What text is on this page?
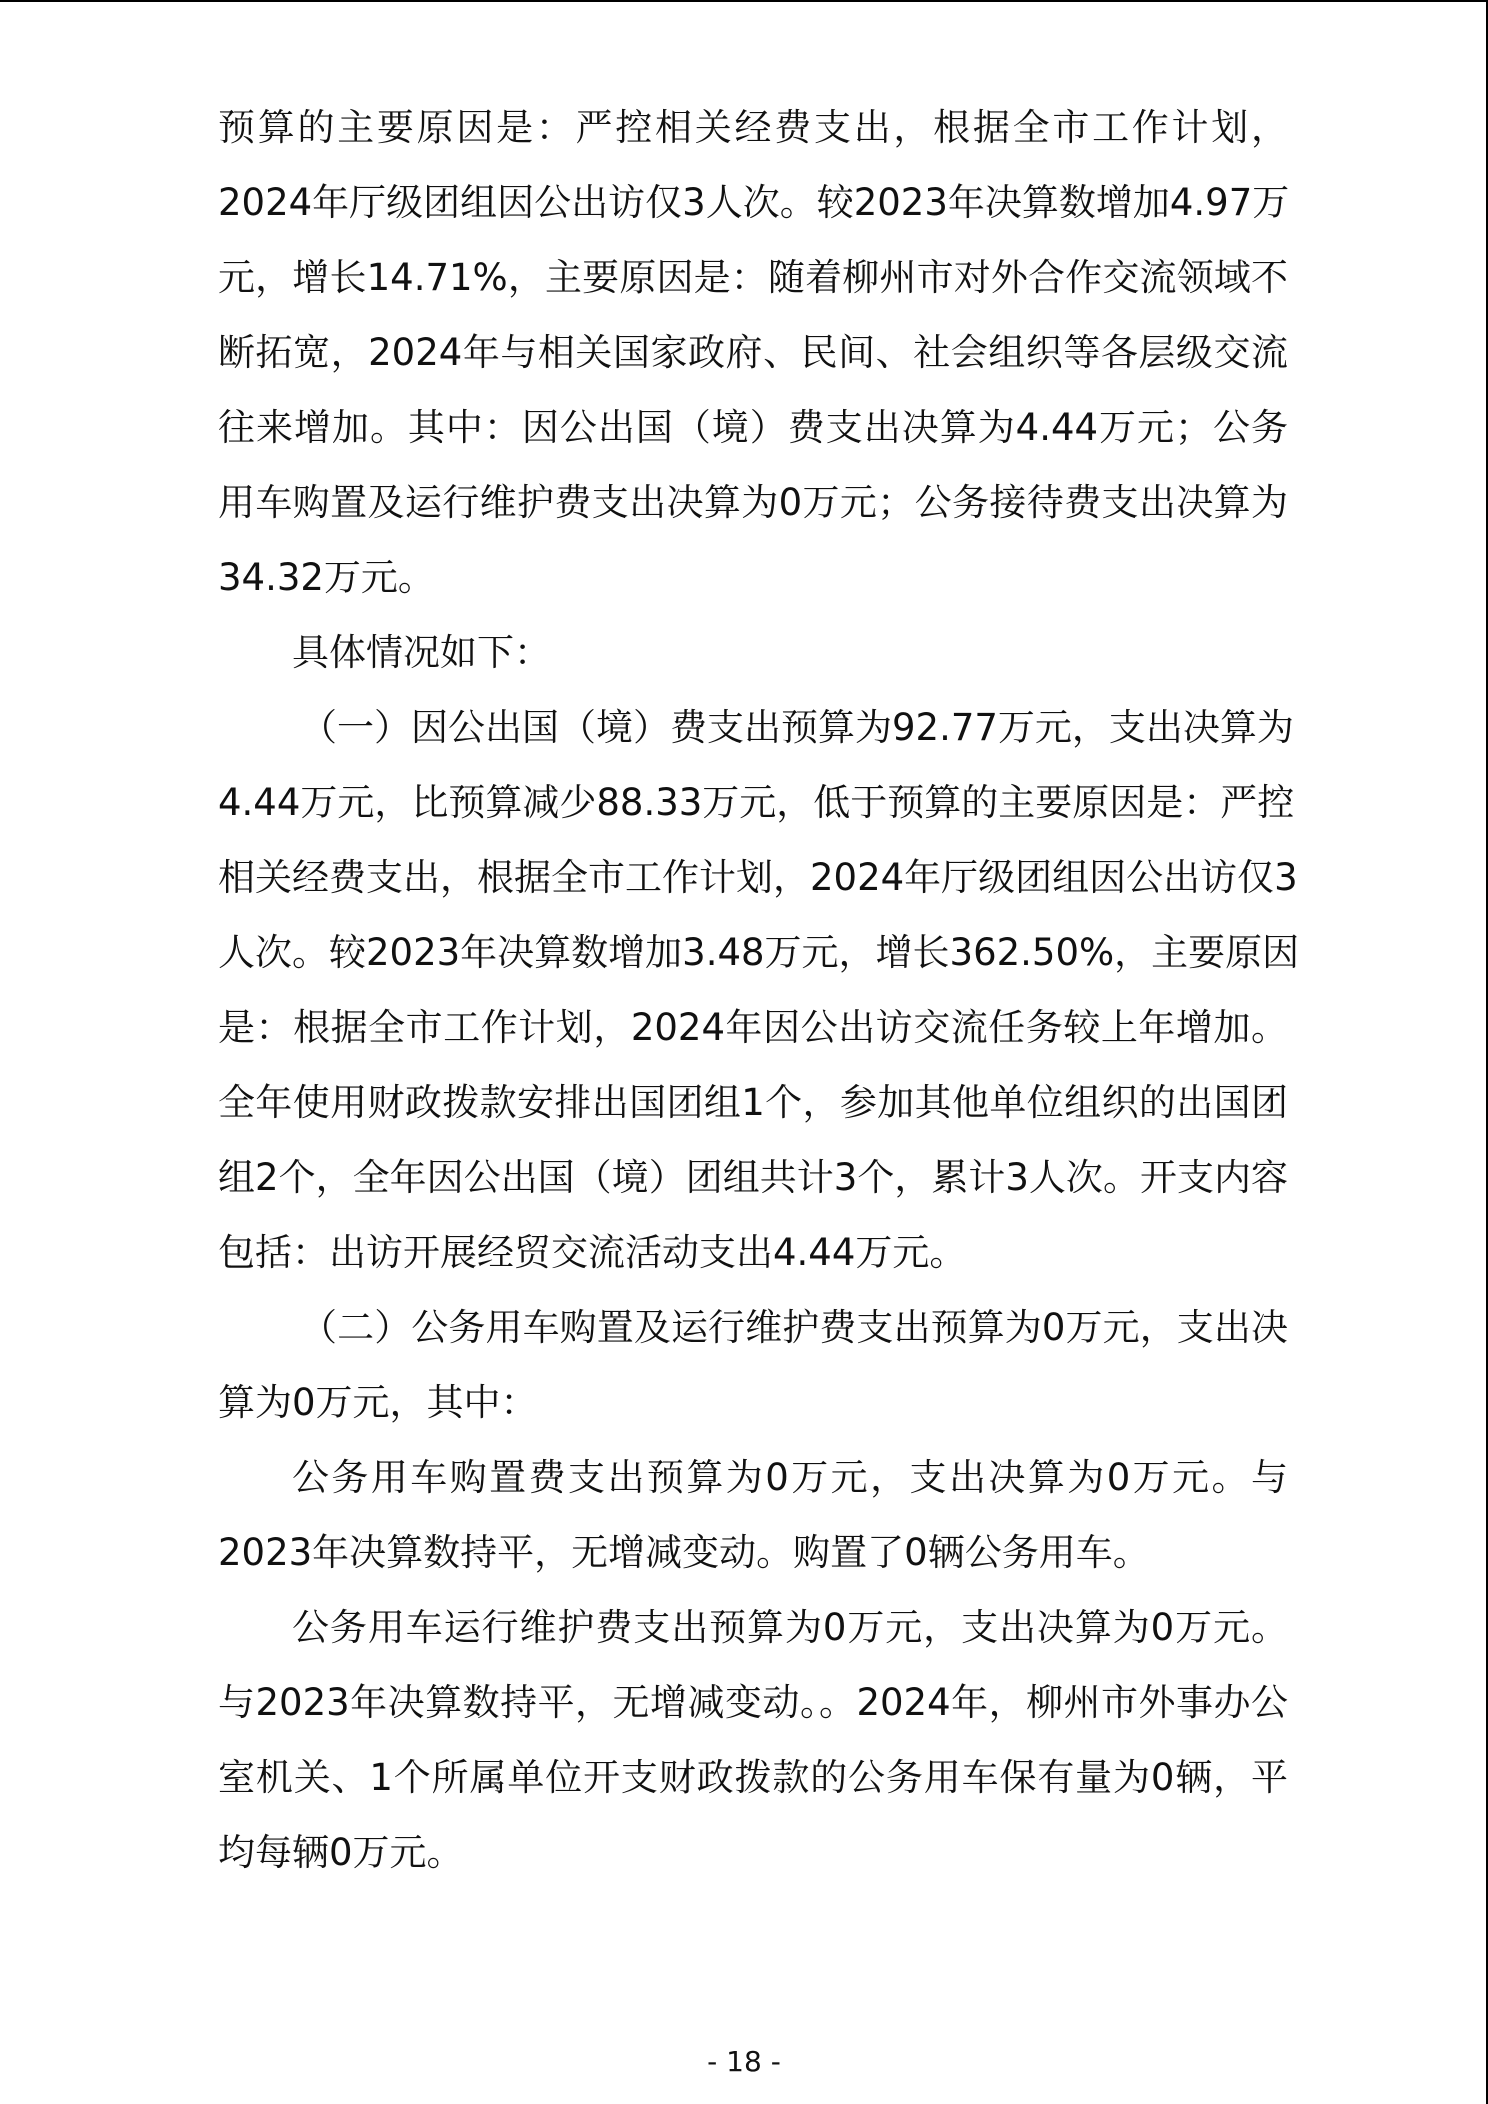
预算的主要原因是：严控相关经费支出，根据全市工作计划，
2024年厅级团组因公出访仅3人次。较2023年决算数增加4.97万
元，增长14.71%，主要原因是：随着柳州市对外合作交流领域不
断拓宽，2024年与相关国家政府、民间、社会组织等各层级交流
往来增加。其中：因公出国（境）费支出决算为4.44万元；公务
用车购置及运行维护费支出决算为0万元；公务接待费支出决算为
34.32万元。
具体情况如下：
（一）因公出国（境）费支出预算为92.77万元，支出决算为
4.44万元，比预算减少88.33万元，低于预算的主要原因是：严控
相关经费支出，根据全市工作计划，2024年厅级团组因公出访仅3
人次。较2023年决算数增加3.48万元，增长362.50%，主要原因
是：根据全市工作计划，2024年因公出访交流任务较上年增加。
全年使用财政拨款安排出国团组1个，参加其他单位组织的出国团
组2个，全年因公出国（境）团组共计3个，累计3人次。开支内容
包括：出访开展经贸交流活动支出4.44万元。
（二）公务用车购置及运行维护费支出预算为0万元，支出决
算为0万元，其中：
公务用车购置费支出预算为0万元，支出决算为0万元。与
2023年决算数持平，无增减变动。购置了0辆公务用车。
公务用车运行维护费支出预算为0万元，支出决算为0万元。
与2023年决算数持平，无增减变动。。2024年，柳州市外事办公
室机关、1个所属单位开支财政拨款的公务用车保有量为0辆，平
均每辆0万元。
- 18 -
